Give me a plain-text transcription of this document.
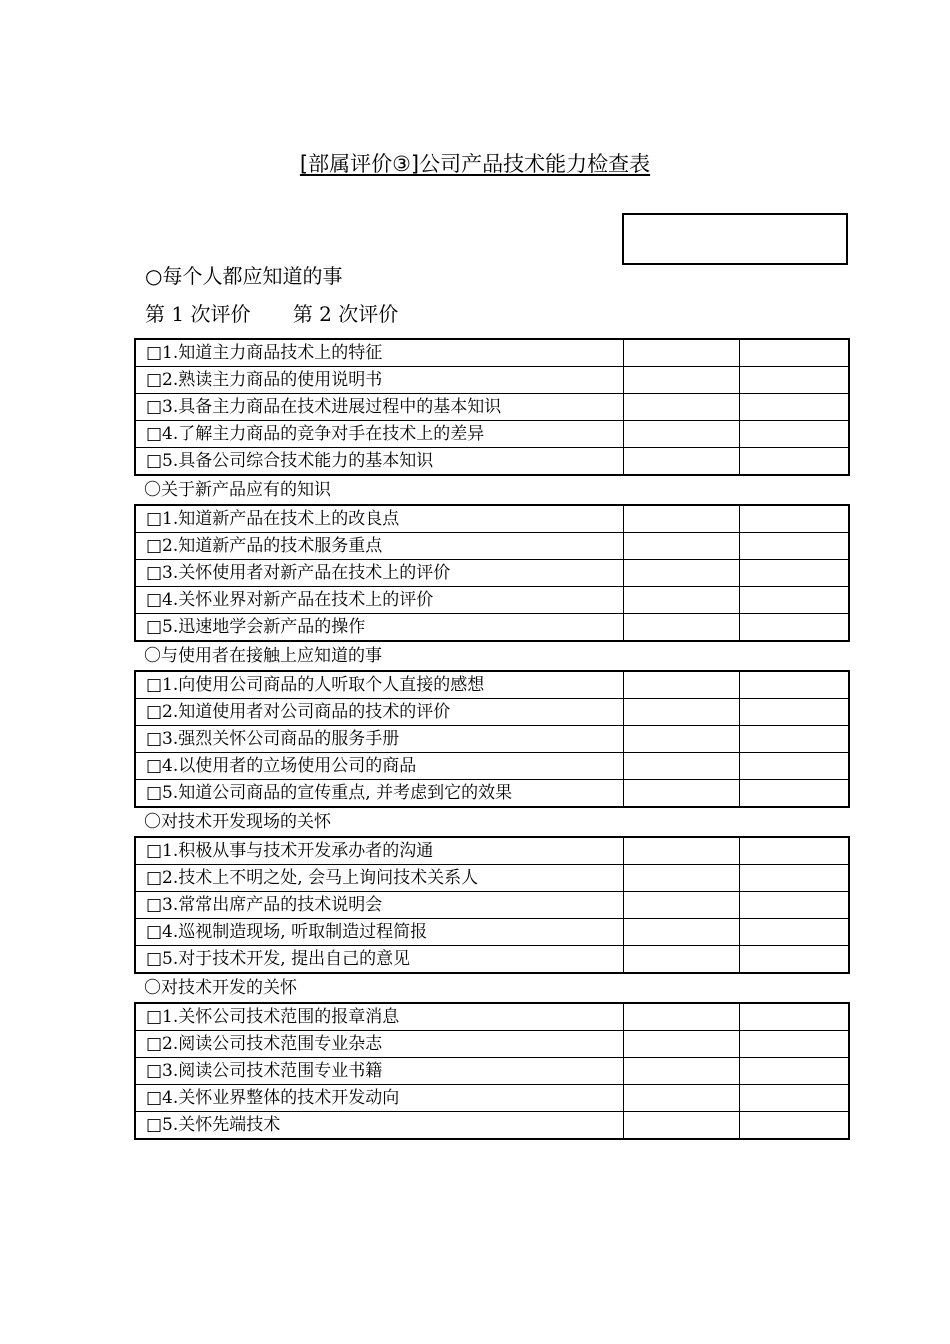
[部属评价③]公司产品技术能力检查表
○每个人都应知道的事
第 1 次评价 第 2 次评价
□1.知道主力商品技术上的特征		
□2.熟读主力商品的使用说明书		
□3.具备主力商品在技术进展过程中的基本知识		
□4.了解主力商品的竞争对手在技术上的差异		
□5.具备公司综合技术能力的基本知识		
〇关于新产品应有的知识
□1.知道新产品在技术上的改良点		
□2.知道新产品的技术服务重点		
□3.关怀使用者对新产品在技术上的评价		
□4.关怀业界对新产品在技术上的评价		
□5.迅速地学会新产品的操作		
〇与使用者在接触上应知道的事
□1.向使用公司商品的人听取个人直接的感想		
□2.知道使用者对公司商品的技术的评价		
□3.强烈关怀公司商品的服务手册		
□4.以使用者的立场使用公司的商品		
□5.知道公司商品的宣传重点, 并考虑到它的效果		
〇对技术开发现场的关怀
□1.积极从事与技术开发承办者的沟通		
□2.技术上不明之处, 会马上询问技术关系人		
□3.常常出席产品的技术说明会		
□4.巡视制造现场, 听取制造过程简报		
□5.对于技术开发, 提出自己的意见		
〇对技术开发的关怀
□1.关怀公司技术范围的报章消息		
□2.阅读公司技术范围专业杂志		
□3.阅读公司技术范围专业书籍		
□4.关怀业界整体的技术开发动向		
□5.关怀先端技术		
